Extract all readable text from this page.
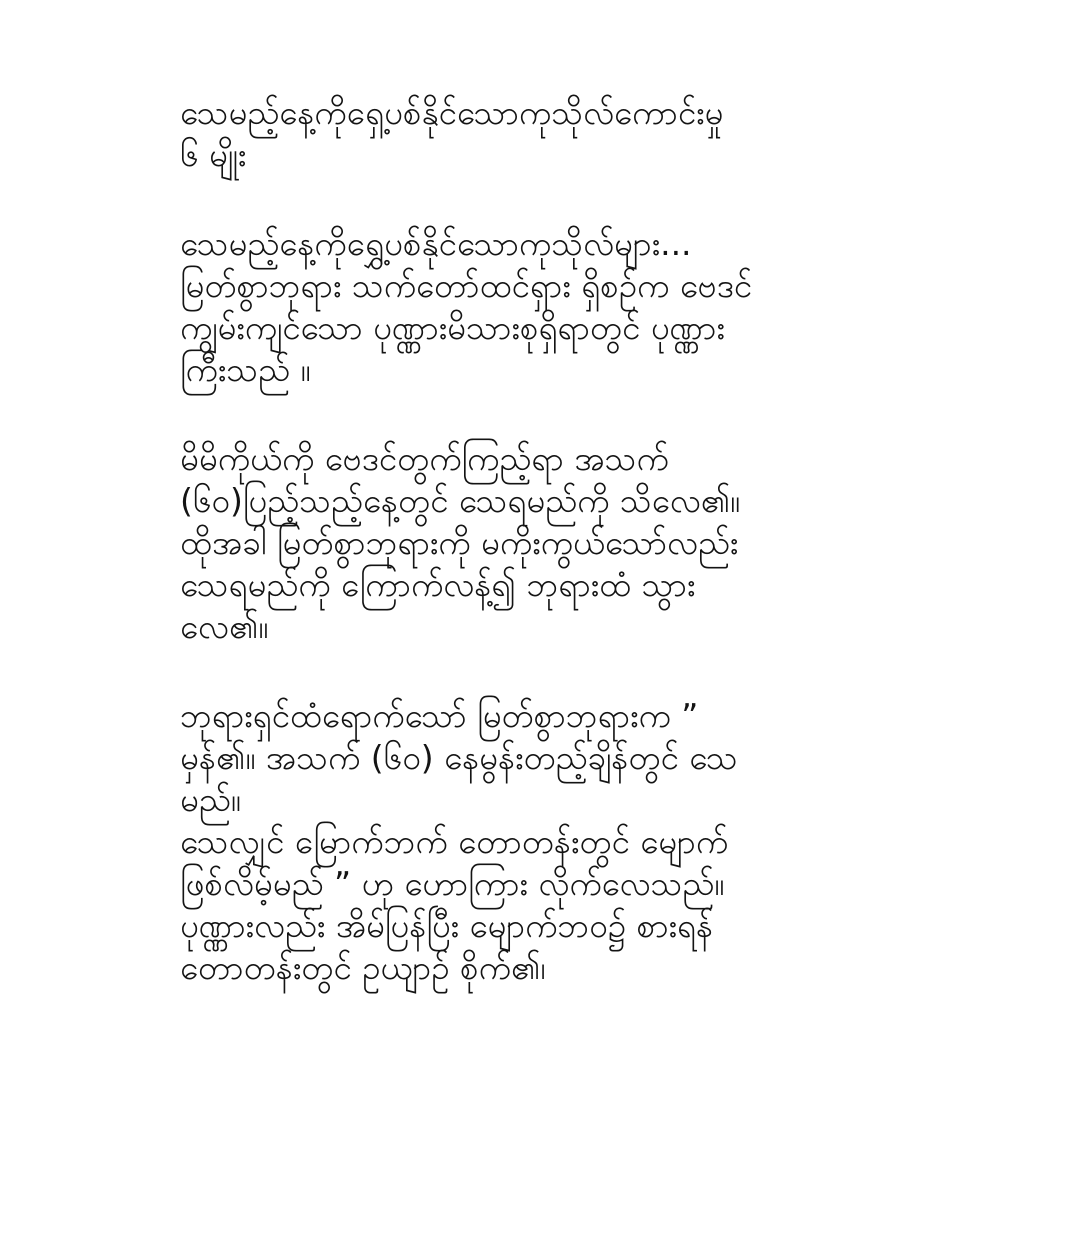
သေမည့်နေ့ကိုရှေ့ပစ်နိုင်သောကုသိုလ်ကောင်းမှု
၆ မျိုး
သေမည့်နေ့ကိုရွှေ့ပစ်နိုင်သောကုသိုလ်များ...
မြတ်စွာဘုရား သက်တော်ထင်ရှား ရှိစဉ်က ဗေဒင်
ကျွမ်းကျင်သော ပုဏ္ဏားမိသားစုရှိရာတွင် ပုဏ္ဏား
ကြီးသည် ။
မိမိကိုယ်ကို ဗေဒင်တွက်ကြည့်ရာ အသက်
(၆၀)ပြည့်သည့်နေ့တွင် သေရမည်ကို သိလေ၏။
ထိုအခါ မြတ်စွာဘုရားကို မကိုးကွယ်သော်လည်း
သေရမည်ကို ကြောက်လန့်၍ ဘုရားထံ သွား
လေ၏။
ဘုရားရှင်ထံရောက်သော် မြတ်စွာဘုရားက ”
မှန်၏။ အသက် (၆၀) နေမွန်းတည့်ချိန်တွင် သေ
မည်။
သေလျှင် မြောက်ဘက် တောတန်းတွင် မျောက်
ဖြစ်လိမ့်မည် ” ဟု ဟောကြား လိုက်လေသည်။
ပုဏ္ဏားလည်း အိမ်ပြန်ပြီး မျောက်ဘဝ၌ စားရန်
တောတန်းတွင် ဥယျာဉ် စိုက်၏၊
